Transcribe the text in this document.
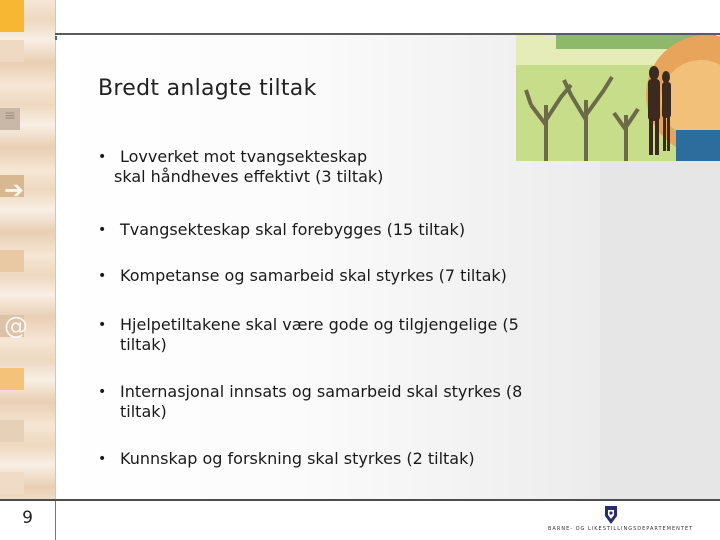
➔
@
≡
Bredt anlagte tiltak
• Lovverket mot tvangsekteskap
skal håndheves effektivt (3 tiltak)
• Tvangsekteskap skal forebygges (15 tiltak)
• Kompetanse og samarbeid skal styrkes (7 tiltak)
• Hjelpetiltakene skal være gode og tilgjengelige (5
tiltak)
• Internasjonal innsats og samarbeid skal styrkes (8
tiltak)
• Kunnskap og forskning skal styrkes (2 tiltak)
9
BARNE- OG LIKESTILLINGSDEPARTEMENTET
